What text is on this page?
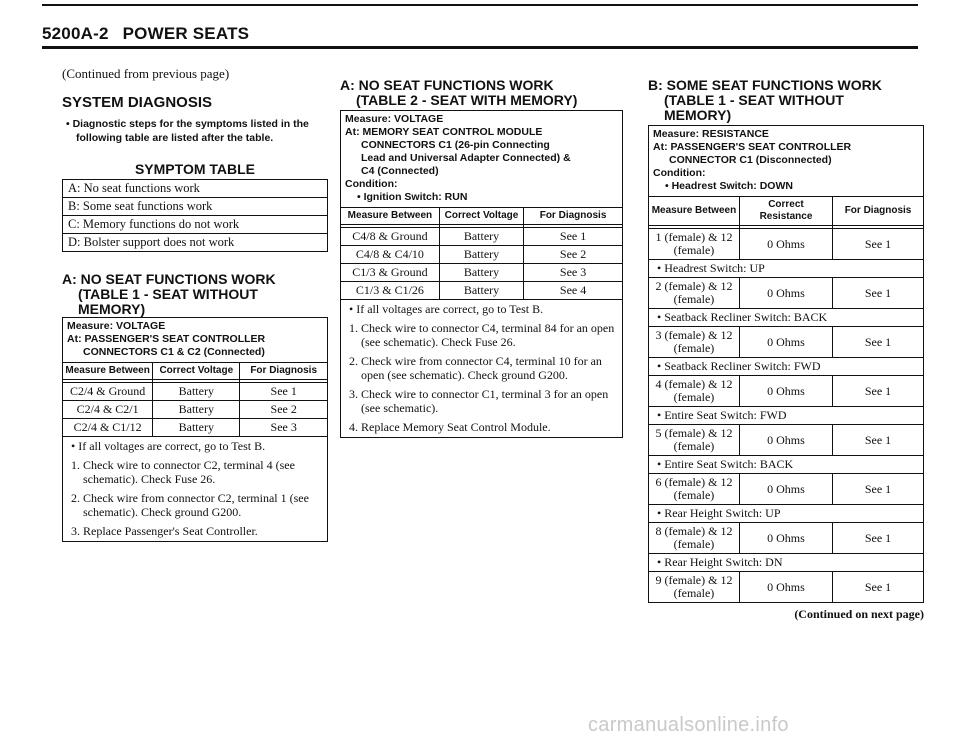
5200A-2 POWER SEATS
(Continued from previous page)
SYSTEM DIAGNOSIS
• Diagnostic steps for the symptoms listed in the following table are listed after the table.
SYMPTOM TABLE
A: No seat functions work
B: Some seat functions work
C: Memory functions do not work
D: Bolster support does not work
A: NO SEAT FUNCTIONS WORK
(TABLE 1 - SEAT WITHOUT
MEMORY)
Measure: VOLTAGE
At: PASSENGER'S SEAT CONTROLLER
CONNECTORS C1 & C2 (Connected)
Measure Between	Correct Voltage	For Diagnosis

C2/4 & Ground	Battery	See 1
C2/4 & C2/1	Battery	See 2
C2/4 & C1/12	Battery	See 3
• If all voltages are correct, go to Test B.
1. Check wire to connector C2, terminal 4 (see schematic). Check Fuse 26.
2. Check wire from connector C2, terminal 1 (see schematic). Check ground G200.
3. Replace Passenger's Seat Controller.
A: NO SEAT FUNCTIONS WORK
(TABLE 2 - SEAT WITH MEMORY)
Measure: VOLTAGE
At: MEMORY SEAT CONTROL MODULE
CONNECTORS C1 (26-pin Connecting
Lead and Universal Adapter Connected) &
C4 (Connected)
Condition:
• Ignition Switch: RUN
Measure Between	Correct Voltage	For Diagnosis

C4/8 & Ground	Battery	See 1
C4/8 & C4/10	Battery	See 2
C1/3 & Ground	Battery	See 3
C1/3 & C1/26	Battery	See 4
• If all voltages are correct, go to Test B.
1. Check wire to connector C4, terminal 84 for an open (see schematic). Check Fuse 26.
2. Check wire from connector C4, terminal 10 for an open (see schematic). Check ground G200.
3. Check wire to connector C1, terminal 3 for an open (see schematic).
4. Replace Memory Seat Control Module.
B: SOME SEAT FUNCTIONS WORK
(TABLE 1 - SEAT WITHOUT
MEMORY)
Measure: RESISTANCE
At: PASSENGER'S SEAT CONTROLLER
CONNECTOR C1 (Disconnected)
Condition:
• Headrest Switch: DOWN
Measure Between	Correct Resistance	For Diagnosis

1 (female) & 12 (female)	0 Ohms	See 1
• Headrest Switch: UP		
2 (female) & 12 (female)	0 Ohms	See 1
• Seatback Recliner Switch: BACK		
3 (female) & 12 (female)	0 Ohms	See 1
• Seatback Recliner Switch: FWD		
4 (female) & 12 (female)	0 Ohms	See 1
• Entire Seat Switch: FWD		
5 (female) & 12 (female)	0 Ohms	See 1
• Entire Seat Switch: BACK		
6 (female) & 12 (female)	0 Ohms	See 1
• Rear Height Switch: UP		
8 (female) & 12 (female)	0 Ohms	See 1
• Rear Height Switch: DN		
9 (female) & 12 (female)	0 Ohms	See 1
(Continued on next page)
carmanualsonline.info
